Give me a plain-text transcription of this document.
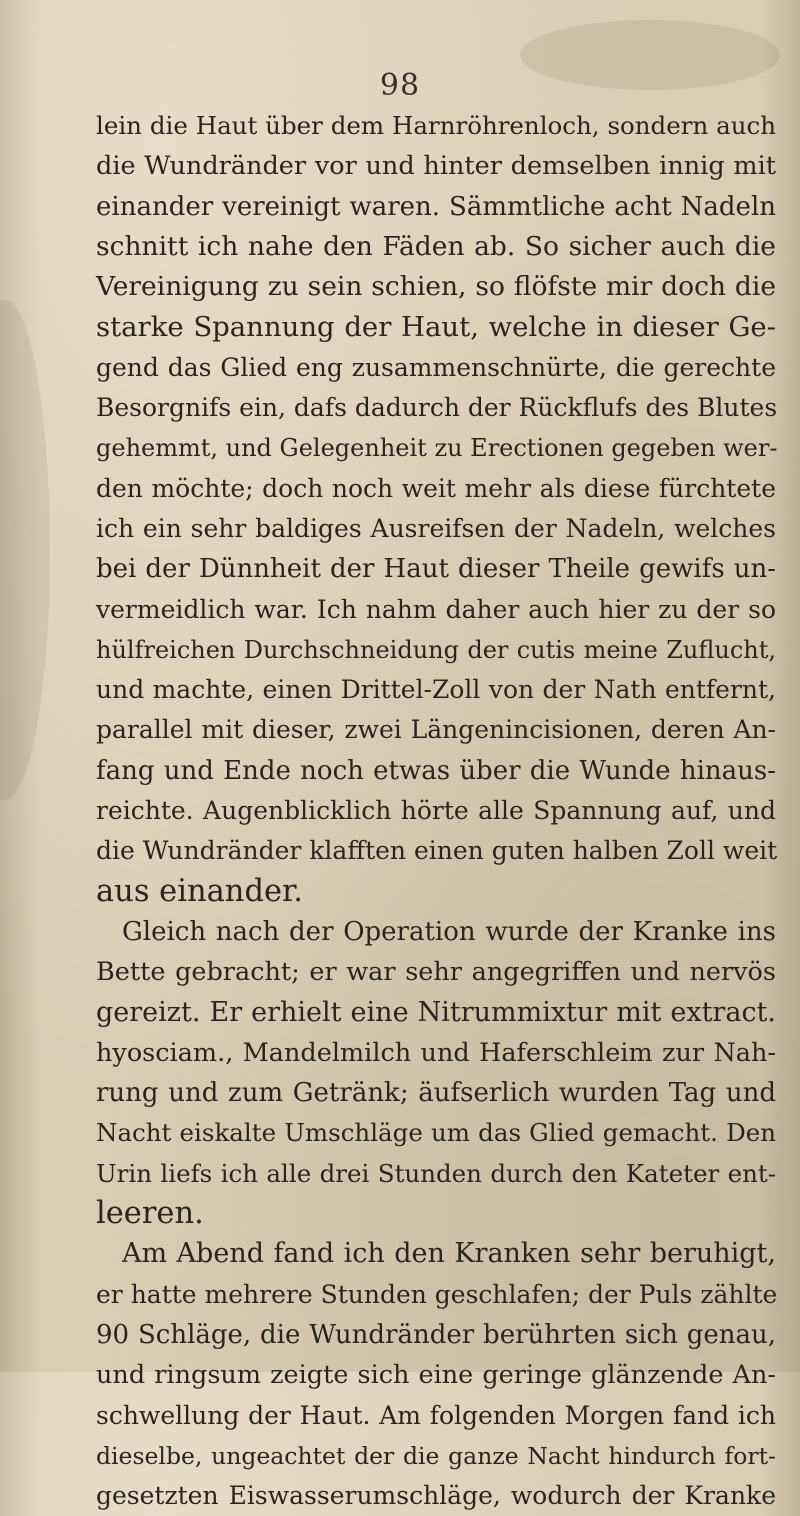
98
lein die Haut über dem Harnröhrenloch, sondern auch
die Wundränder vor und hinter demselben innig mit
einander vereinigt waren. Sämmtliche acht Nadeln
schnitt ich nahe den Fäden ab. So sicher auch die
Vereinigung zu sein schien, so flöfste mir doch die
starke Spannung der Haut, welche in dieser Ge-
gend das Glied eng zusammenschnürte, die gerechte
Besorgnifs ein, dafs dadurch der Rückflufs des Blutes
gehemmt, und Gelegenheit zu Erectionen gegeben wer-
den möchte; doch noch weit mehr als diese fürchtete
ich ein sehr baldiges Ausreifsen der Nadeln, welches
bei der Dünnheit der Haut dieser Theile gewifs un-
vermeidlich war. Ich nahm daher auch hier zu der so
hülfreichen Durchschneidung der cutis meine Zuflucht,
und machte, einen Drittel-Zoll von der Nath entfernt,
parallel mit dieser, zwei Längenincisionen, deren An-
fang und Ende noch etwas über die Wunde hinaus-
reichte. Augenblicklich hörte alle Spannung auf, und
die Wundränder klafften einen guten halben Zoll weit
aus einander.
Gleich nach der Operation wurde der Kranke ins
Bette gebracht; er war sehr angegriffen und nervös
gereizt. Er erhielt eine Nitrummixtur mit extract.
hyosciam., Mandelmilch und Haferschleim zur Nah-
rung und zum Getränk; äufserlich wurden Tag und
Nacht eiskalte Umschläge um das Glied gemacht. Den
Urin liefs ich alle drei Stunden durch den Kateter ent-
leeren.
Am Abend fand ich den Kranken sehr beruhigt,
er hatte mehrere Stunden geschlafen; der Puls zählte
90 Schläge, die Wundränder berührten sich genau,
und ringsum zeigte sich eine geringe glänzende An-
schwellung der Haut. Am folgenden Morgen fand ich
dieselbe, ungeachtet der die ganze Nacht hindurch fort-
gesetzten Eiswasserumschläge, wodurch der Kranke
